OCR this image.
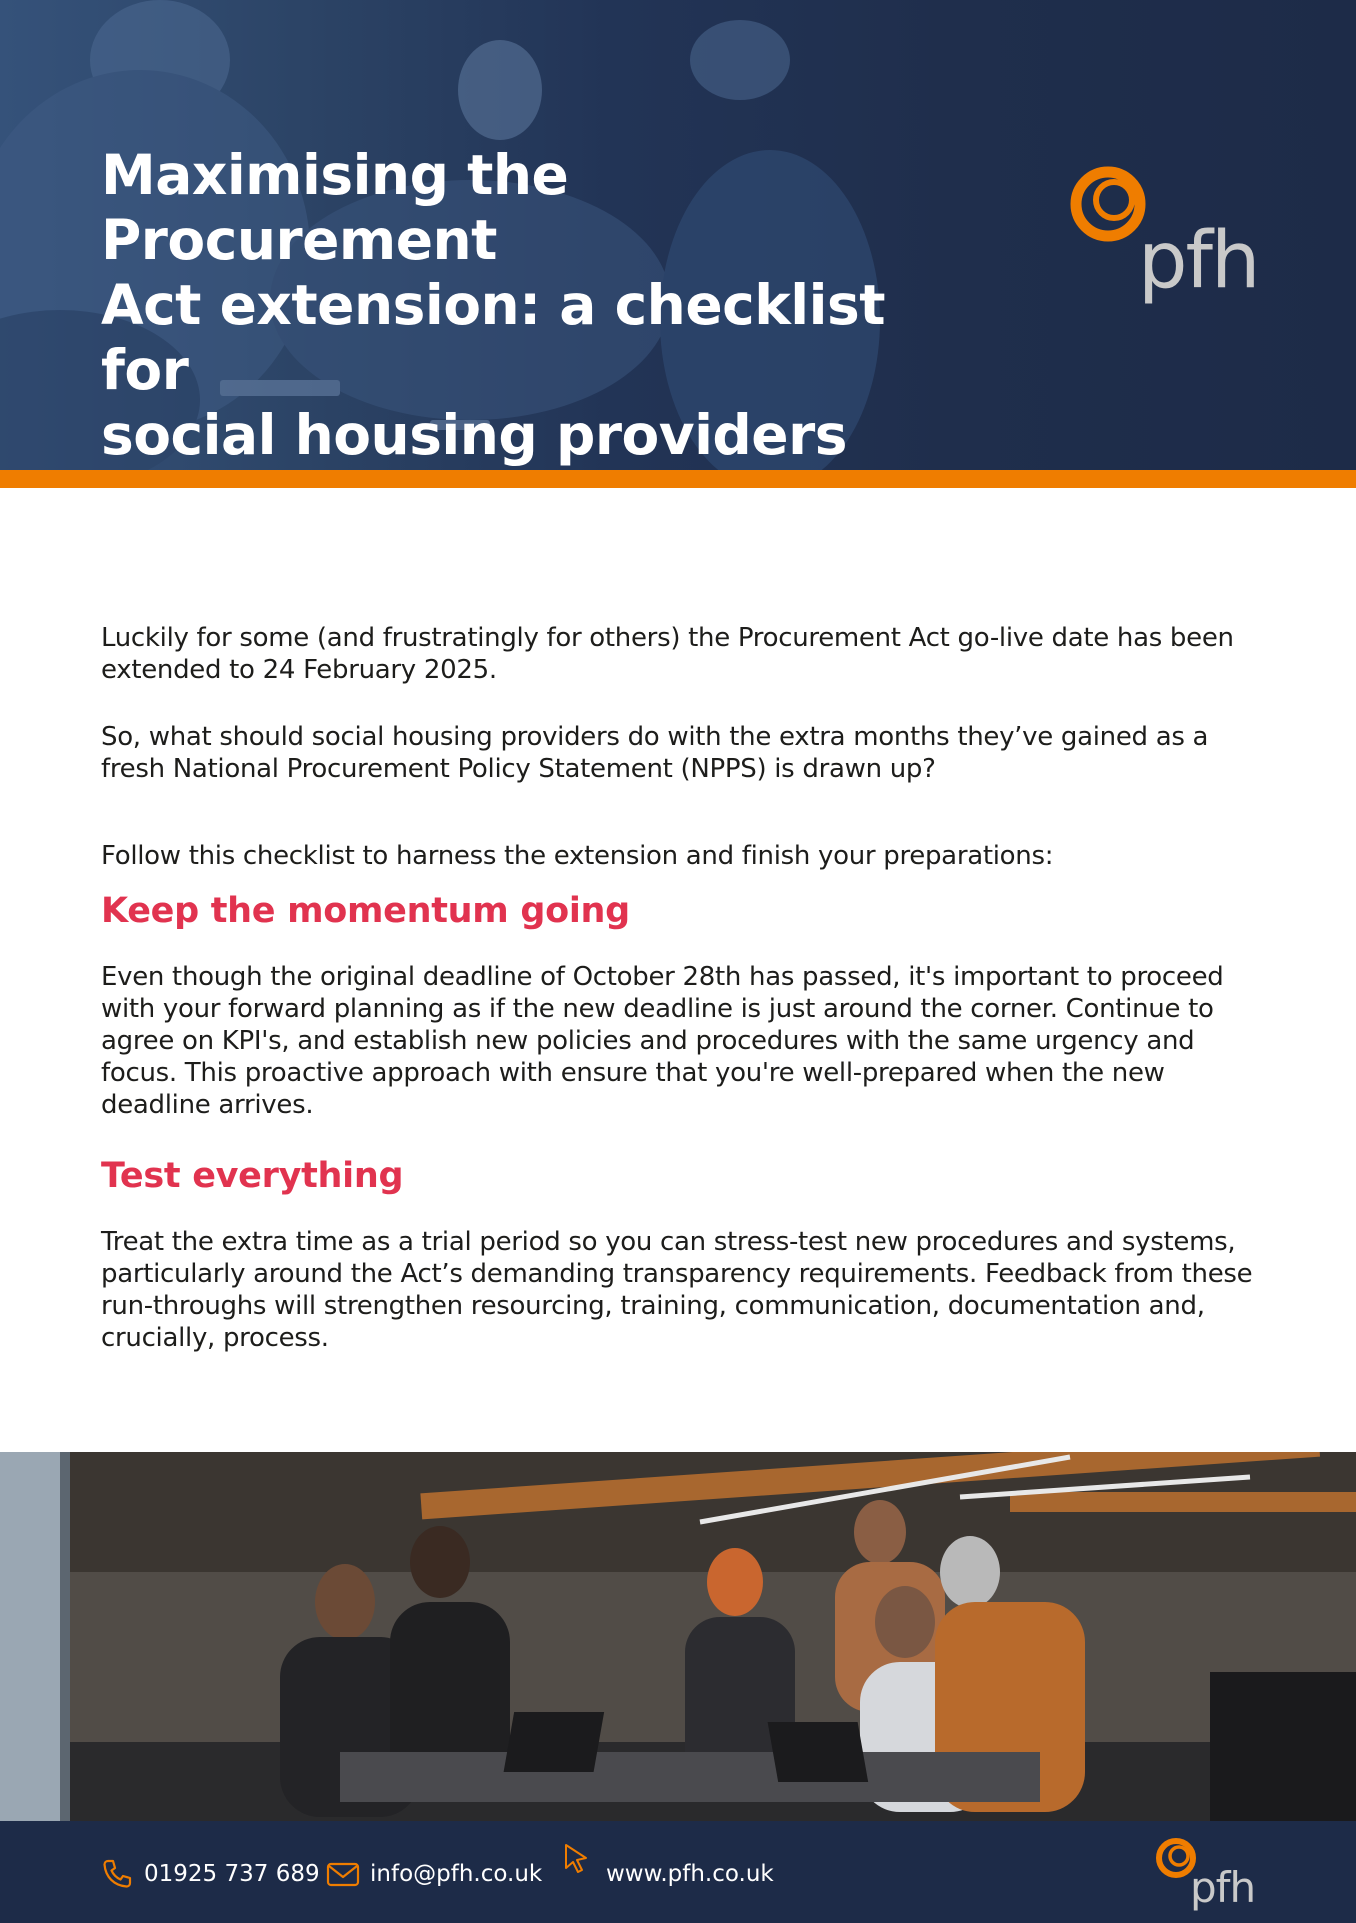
Maximising the Procurement
Act extension: a checklist for
social housing providers
pfh

Luckily for some (and frustratingly for others) the Procurement Act go-live date has been extended to 24 February 2025.

So, what should social housing providers do with the extra months they’ve gained as a fresh National Procurement Policy Statement (NPPS) is drawn up?

Follow this checklist to harness the extension and finish your preparations:

Keep the momentum going

Even though the original deadline of October 28th has passed, it's important to proceed with your forward planning as if the new deadline is just around the corner. Continue to agree on KPI's, and establish new policies and procedures with the same urgency and focus. This proactive approach with ensure that you're well-prepared when the new deadline arrives.

Test everything

Treat the extra time as a trial period so you can stress-test new procedures and systems, particularly around the Act’s demanding transparency requirements. Feedback from these run-throughs will strengthen resourcing, training, communication, documentation and, crucially, process.

01925 737 689 info@pfh.co.uk	www.pfh.co.uk	pfh
